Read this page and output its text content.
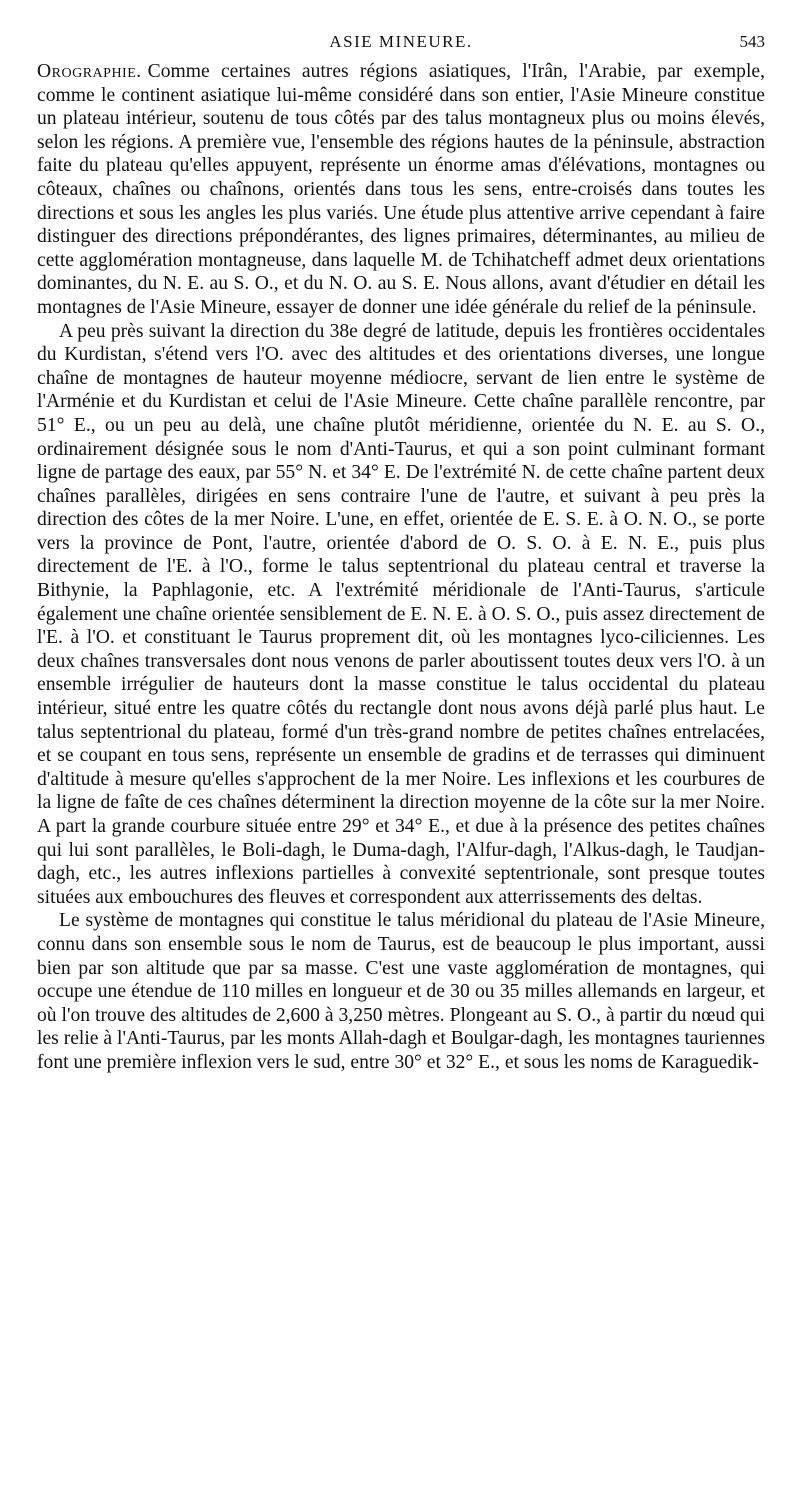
ASIE MINEURE.	543

Orographie. Comme certaines autres régions asiatiques, l'Irân, l'Arabie, par exemple, comme le continent asiatique lui-même considéré dans son entier, l'Asie Mineure constitue un plateau intérieur, soutenu de tous côtés par des talus montagneux plus ou moins élevés, selon les régions. A première vue, l'ensemble des régions hautes de la péninsule, abstraction faite du plateau qu'elles appuyent, représente un énorme amas d'élévations, montagnes ou côteaux, chaînes ou chaînons, orientés dans tous les sens, entre-croisés dans toutes les directions et sous les angles les plus variés. Une étude plus attentive arrive cependant à faire distinguer des directions prépondérantes, des lignes primaires, déterminantes, au milieu de cette agglomération montagneuse, dans laquelle M. de Tchihatcheff admet deux orientations dominantes, du N. E. au S. O., et du N. O. au S. E. Nous allons, avant d'étudier en détail les montagnes de l'Asie Mineure, essayer de donner une idée générale du relief de la péninsule.

A peu près suivant la direction du 38e degré de latitude, depuis les frontières occidentales du Kurdistan, s'étend vers l'O. avec des altitudes et des orientations diverses, une longue chaîne de montagnes de hauteur moyenne médiocre, servant de lien entre le système de l'Arménie et du Kurdistan et celui de l'Asie Mineure. Cette chaîne parallèle rencontre, par 51° E., ou un peu au delà, une chaîne plutôt méridienne, orientée du N. E. au S. O., ordinairement désignée sous le nom d'Anti-Taurus, et qui a son point culminant formant ligne de partage des eaux, par 55° N. et 34° E. De l'extrémité N. de cette chaîne partent deux chaînes parallèles, dirigées en sens contraire l'une de l'autre, et suivant à peu près la direction des côtes de la mer Noire. L'une, en effet, orientée de E. S. E. à O. N. O., se porte vers la province de Pont, l'autre, orientée d'abord de O. S. O. à E. N. E., puis plus directement de l'E. à l'O., forme le talus septentrional du plateau central et traverse la Bithynie, la Paphlagonie, etc. A l'extrémité méridionale de l'Anti-Taurus, s'articule également une chaîne orientée sensiblement de E. N. E. à O. S. O., puis assez directement de l'E. à l'O. et constituant le Taurus proprement dit, où les montagnes lyco-ciliciennes. Les deux chaînes transversales dont nous venons de parler aboutissent toutes deux vers l'O. à un ensemble irrégulier de hauteurs dont la masse constitue le talus occidental du plateau intérieur, situé entre les quatre côtés du rectangle dont nous avons déjà parlé plus haut. Le talus septentrional du plateau, formé d'un très-grand nombre de petites chaînes entrelacées, et se coupant en tous sens, représente un ensemble de gradins et de terrasses qui diminuent d'altitude à mesure qu'elles s'approchent de la mer Noire. Les inflexions et les courbures de la ligne de faîte de ces chaînes déterminent la direction moyenne de la côte sur la mer Noire. A part la grande courbure située entre 29° et 34° E., et due à la présence des petites chaînes qui lui sont parallèles, le Boli-dagh, le Duma-dagh, l'Alfur-dagh, l'Alkus-dagh, le Taudjan-dagh, etc., les autres inflexions partielles à convexité septentrionale, sont presque toutes situées aux embouchures des fleuves et correspondent aux atterrissements des deltas.

Le système de montagnes qui constitue le talus méridional du plateau de l'Asie Mineure, connu dans son ensemble sous le nom de Taurus, est de beaucoup le plus important, aussi bien par son altitude que par sa masse. C'est une vaste agglomération de montagnes, qui occupe une étendue de 110 milles en longueur et de 30 ou 35 milles allemands en largeur, et où l'on trouve des altitudes de 2,600 à 3,250 mètres. Plongeant au S. O., à partir du nœud qui les relie à l'Anti-Taurus, par les monts Allah-dagh et Boulgar-dagh, les montagnes tauriennes font une première inflexion vers le sud, entre 30° et 32° E., et sous les noms de Karaguedik-
